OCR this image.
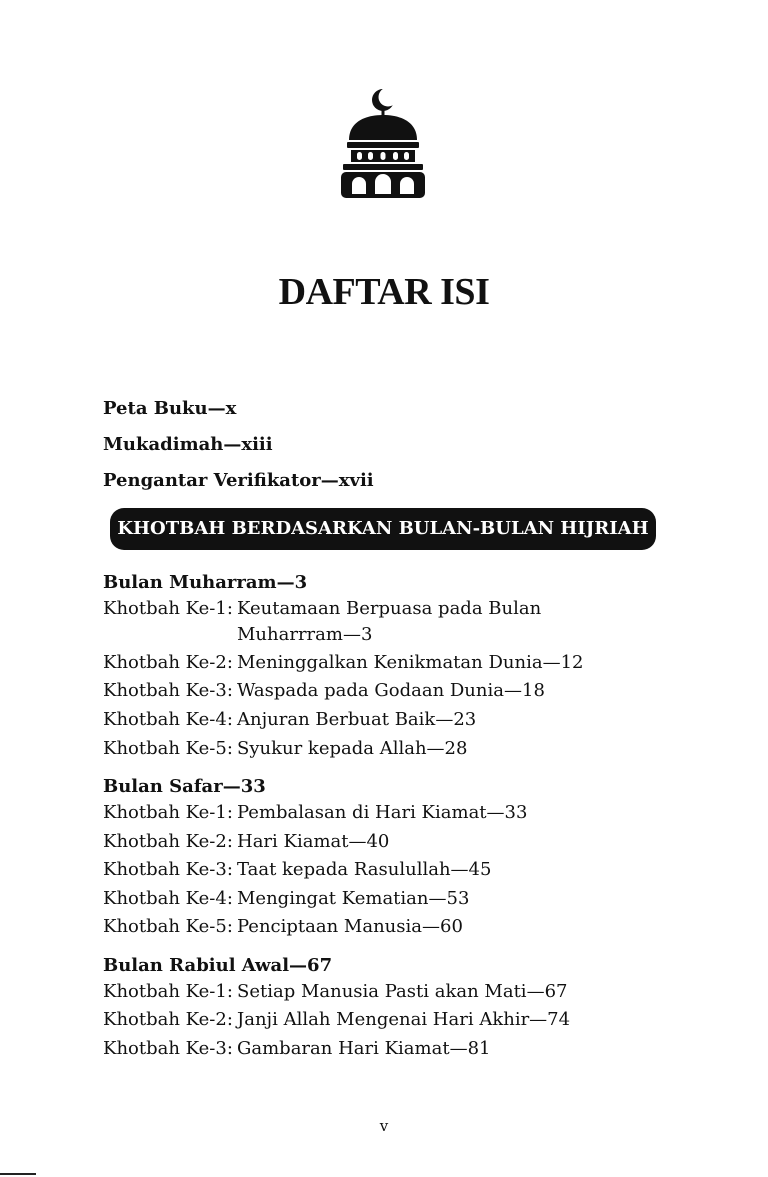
DAFTAR ISI
Peta Buku—x
Mukadimah—xiii
Pengantar Verifikator—xvii
Bulan Muharram—3
Khotbah Ke-1: Keutamaan Berpuasa pada Bulan
Muharrram—3
Khotbah Ke-2: Meninggalkan Kenikmatan Dunia—12
Khotbah Ke-3: Waspada pada Godaan Dunia—18
Khotbah Ke-4: Anjuran Berbuat Baik—23
Khotbah Ke-5: Syukur kepada Allah—28
Bulan Safar—33
Khotbah Ke-1: Pembalasan di Hari Kiamat—33
Khotbah Ke-2: Hari Kiamat—40
Khotbah Ke-3: Taat kepada Rasulullah—45
Khotbah Ke-4: Mengingat Kematian—53
Khotbah Ke-5: Penciptaan Manusia—60
Bulan Rabiul Awal—67
Khotbah Ke-1: Setiap Manusia Pasti akan Mati—67
Khotbah Ke-2: Janji Allah Mengenai Hari Akhir—74
Khotbah Ke-3: Gambaran Hari Kiamat—81
KHOTBAH BERDASARKAN BULAN-BULAN HIJRIAH
v
